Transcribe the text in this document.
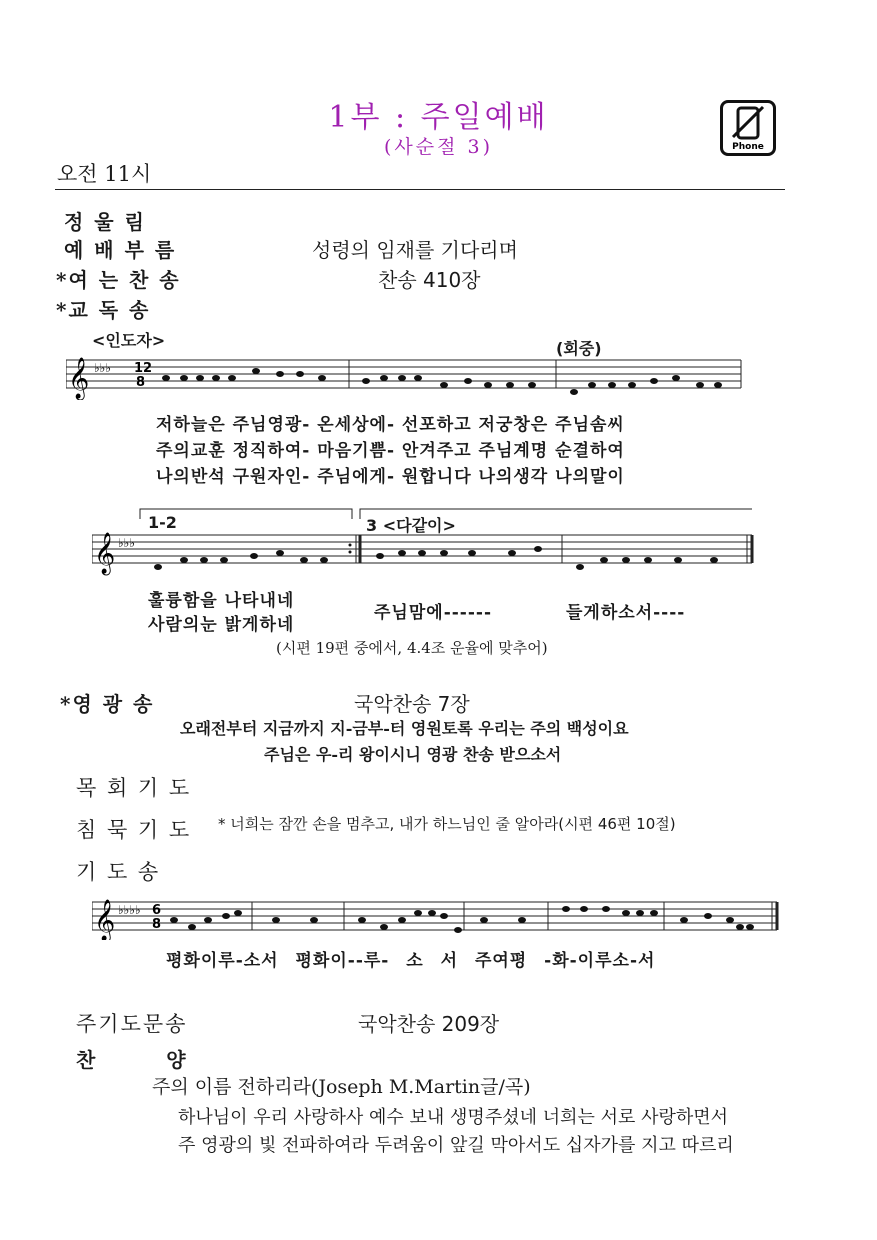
1부 : 주일예배
(사순절 3)	Phone
오전 11시
정 울 림
예 배 부 름	성령의 임재를 기다리며
*여 는 찬 송	찬송 410장
*교 독 송
<인도자>	(회중)
𝄞 ♭♭♭ 12
8
저하늘은 주님영광- 온세상에- 선포하고 저궁창은 주님솜씨
주의교훈 정직하여- 마음기쁨- 안겨주고 주님계명 순결하여
나의반석 구원자인- 주님에게- 원합니다 나의생각 나의말이
1-2	3 <다같이>
𝄞 ♭♭♭
훌륭함을 나타내네
사람의눈 밝게하네
주님맘에------	들게하소서----
(시편 19편 중에서, 4.4조 운율에 맞추어)
*영 광 송	국악찬송 7장
오래전부터 지금까지 지-금부-터 영원토록 우리는 주의 백성이요
주님은 우-리 왕이시니 영광 찬송 받으소서
목 회 기 도
침 묵 기 도 * 너희는 잠깐 손을 멈추고, 내가 하느님인 줄 알아라(시편 46편 10절)
기 도 송
𝄞 ♭♭♭♭ 6
8
평화이루-소서 평화이--루- 소 서 주여평 -화-이루소-서
주기도문송	국악찬송 209장
찬 양
주의 이름 전하리라(Joseph M.Martin글/곡)
하나님이 우리 사랑하사 예수 보내 생명주셨네 너희는 서로 사랑하면서
주 영광의 빛 전파하여라 두려움이 앞길 막아서도 십자가를 지고 따르리
